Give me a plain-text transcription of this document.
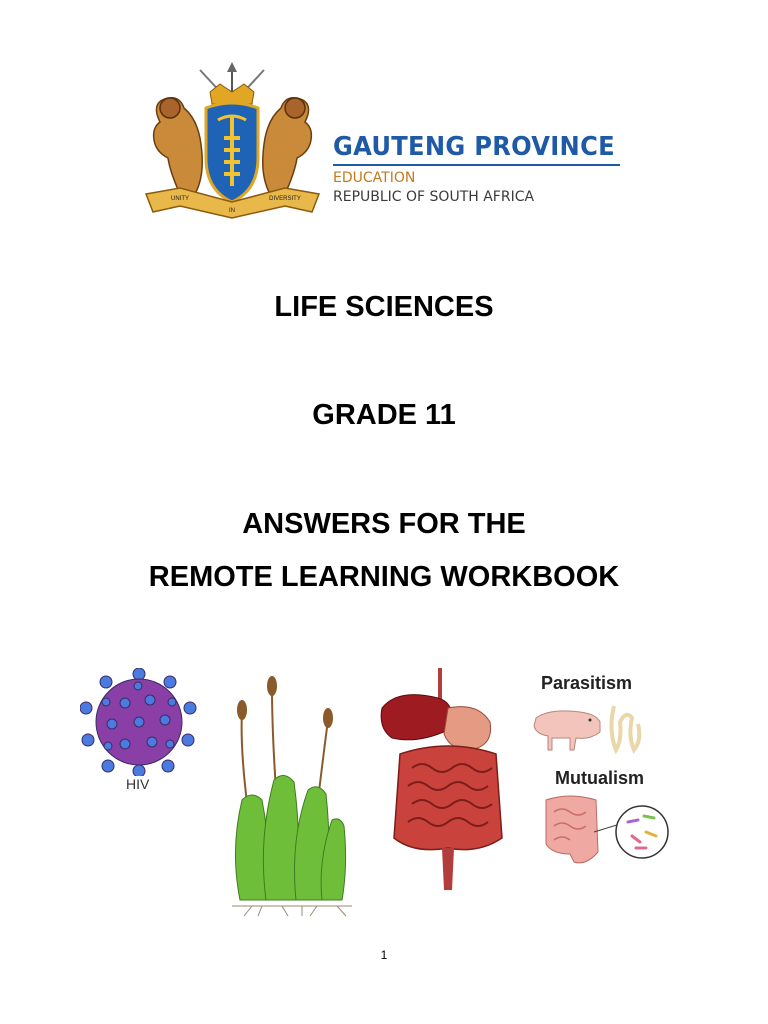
UNITY
IN
DIVERSITY
GAUTENG PROVINCE
EDUCATION
REPUBLIC OF SOUTH AFRICA
LIFE SCIENCES
GRADE 11
ANSWERS FOR THE
REMOTE LEARNING WORKBOOK
HIV
Parasitism
Mutualism
1
